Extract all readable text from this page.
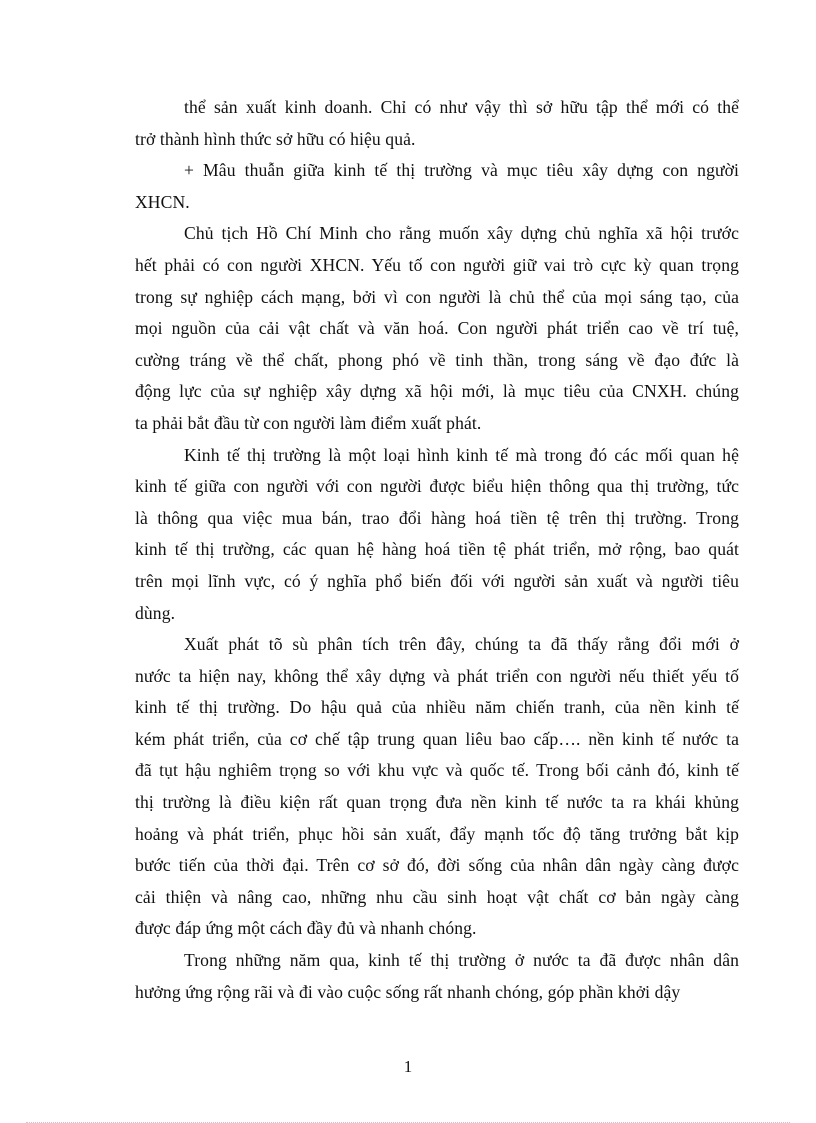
thể sản xuất kinh doanh. Chỉ có như vậy thì sở hữu tập thể mới có thể
trở thành hình thức sở hữu có hiệu quả.
+ Mâu thuẫn giữa kinh tế thị trường và mục tiêu xây dựng con người
XHCN.
Chủ tịch Hồ Chí Minh cho rằng muốn xây dựng chủ nghĩa xã hội trước
hết phải có con người XHCN. Yếu tố con người giữ vai trò cực kỳ quan trọng
trong sự nghiệp cách mạng, bởi vì con người là chủ thể của mọi sáng tạo, của
mọi nguồn của cải vật chất và văn hoá. Con người phát triển cao về trí tuệ,
cường tráng về thể chất, phong phó về tinh thần, trong sáng về đạo đức là
động lực của sự nghiệp xây dựng xã hội mới, là mục tiêu của CNXH. chúng
ta phải bắt đầu từ con người làm điểm xuất phát.
Kinh tế thị trường là một loại hình kinh tế mà trong đó các mối quan hệ
kinh tế giữa con người với con người được biểu hiện thông qua thị trường, tức
là thông qua việc mua bán, trao đổi hàng hoá tiền tệ trên thị trường. Trong
kinh tế thị trường, các quan hệ hàng hoá tiền tệ phát triển, mở rộng, bao quát
trên mọi lĩnh vực, có ý nghĩa phổ biến đối với người sản xuất và người tiêu
dùng.
Xuất phát tõ sù phân tích trên đây, chúng ta đã thấy rằng đổi mới ở
nước ta hiện nay, không thể xây dựng và phát triển con người nếu thiết yếu tố
kinh tế thị trường. Do hậu quả của nhiều năm chiến tranh, của nền kinh tế
kém phát triển, của cơ chế tập trung quan liêu bao cấp…. nền kinh tế nước ta
đã tụt hậu nghiêm trọng so với khu vực và quốc tế. Trong bối cảnh đó, kinh tế
thị trường là điều kiện rất quan trọng đưa nền kinh tế nước ta ra khái khủng
hoảng và phát triển, phục hồi sản xuất, đẩy mạnh tốc độ tăng trưởng bắt kịp
bước tiến của thời đại. Trên cơ sở đó, đời sống của nhân dân ngày càng được
cải thiện và nâng cao, những nhu cầu sinh hoạt vật chất cơ bản ngày càng
được đáp ứng một cách đầy đủ và nhanh chóng.
Trong những năm qua, kinh tế thị trường ở nước ta đã được nhân dân
hưởng ứng rộng rãi và đi vào cuộc sống rất nhanh chóng, góp phần khởi dậy
1
